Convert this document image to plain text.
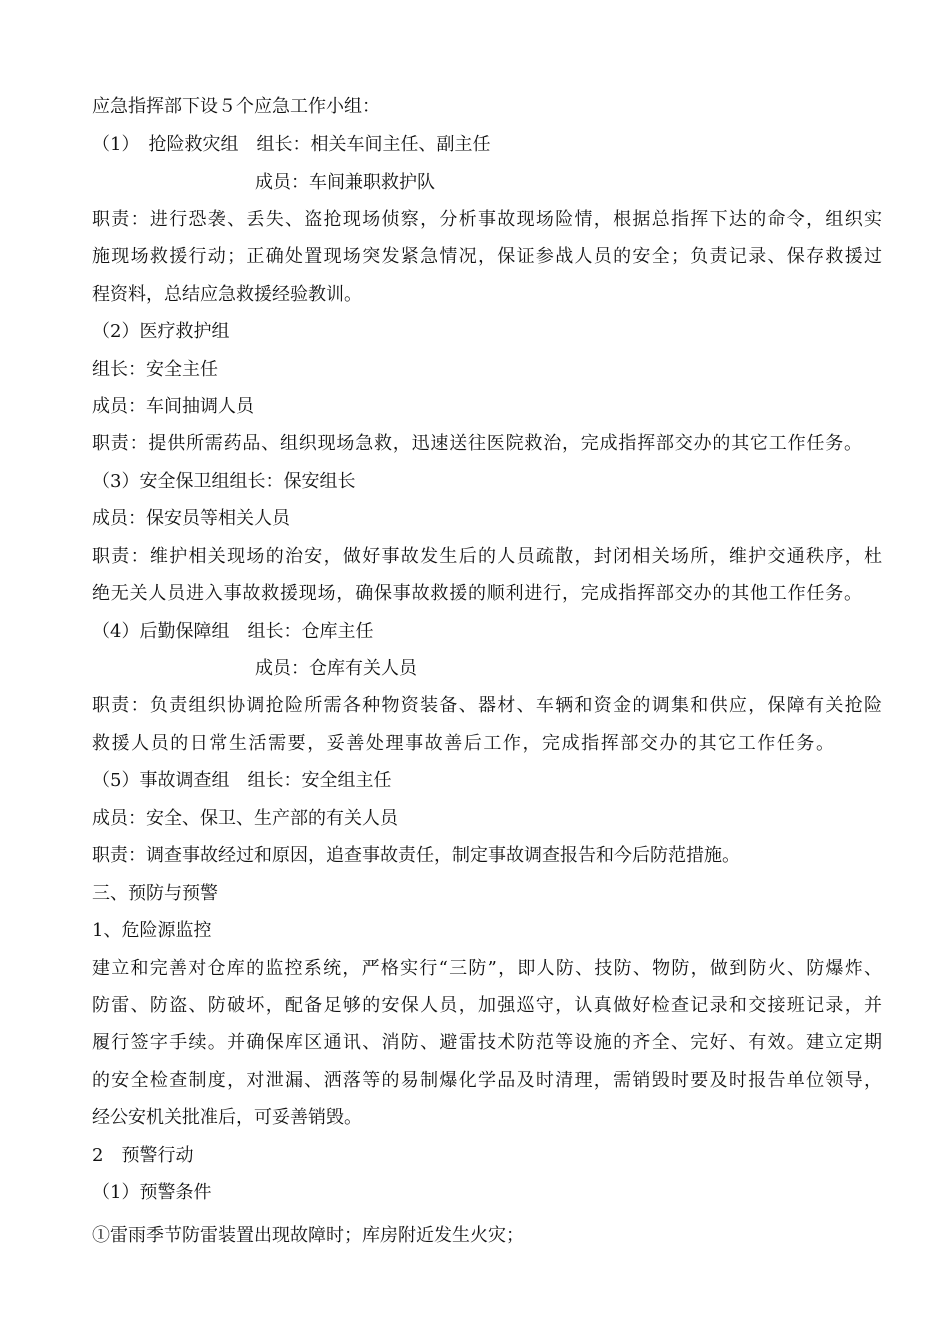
应急指挥部下设５个应急工作小组：
（1）　抢险救灾组　组长：相关车间主任、副主任
成员：车间兼职救护队
职责：进行恐袭、丢失、盗抢现场侦察，分析事故现场险情，根据总指挥下达的命令，组织实
施现场救援行动；正确处置现场突发紧急情况，保证参战人员的安全；负责记录、保存救援过
程资料，总结应急救援经验教训。
（2）医疗救护组
组长：安全主任
成员：车间抽调人员
职责：提供所需药品、组织现场急救，迅速送往医院救治，完成指挥部交办的其它工作任务。
（3）安全保卫组组长：保安组长
成员：保安员等相关人员
职责：维护相关现场的治安，做好事故发生后的人员疏散，封闭相关场所，维护交通秩序，杜
绝无关人员进入事故救援现场，确保事故救援的顺利进行，完成指挥部交办的其他工作任务。
（4）后勤保障组　组长：仓库主任
成员：仓库有关人员
职责：负责组织协调抢险所需各种物资装备、器材、车辆和资金的调集和供应，保障有关抢险
救援人员的日常生活需要，妥善处理事故善后工作，完成指挥部交办的其它工作任务。
（5）事故调查组　组长：安全组主任
成员：安全、保卫、生产部的有关人员
职责：调查事故经过和原因，追查事故责任，制定事故调查报告和今后防范措施。
三、预防与预警
1、危险源监控
建立和完善对仓库的监控系统，严格实行“三防”，即人防、技防、物防，做到防火、防爆炸、
防雷、防盗、防破坏，配备足够的安保人员，加强巡守，认真做好检查记录和交接班记录，并
履行签字手续。并确保库区通讯、消防、避雷技术防范等设施的齐全、完好、有效。建立定期
的安全检查制度，对泄漏、洒落等的易制爆化学品及时清理，需销毁时要及时报告单位领导，
经公安机关批准后，可妥善销毁。
2　预警行动
（1）预警条件
①雷雨季节防雷装置出现故障时；库房附近发生火灾；
